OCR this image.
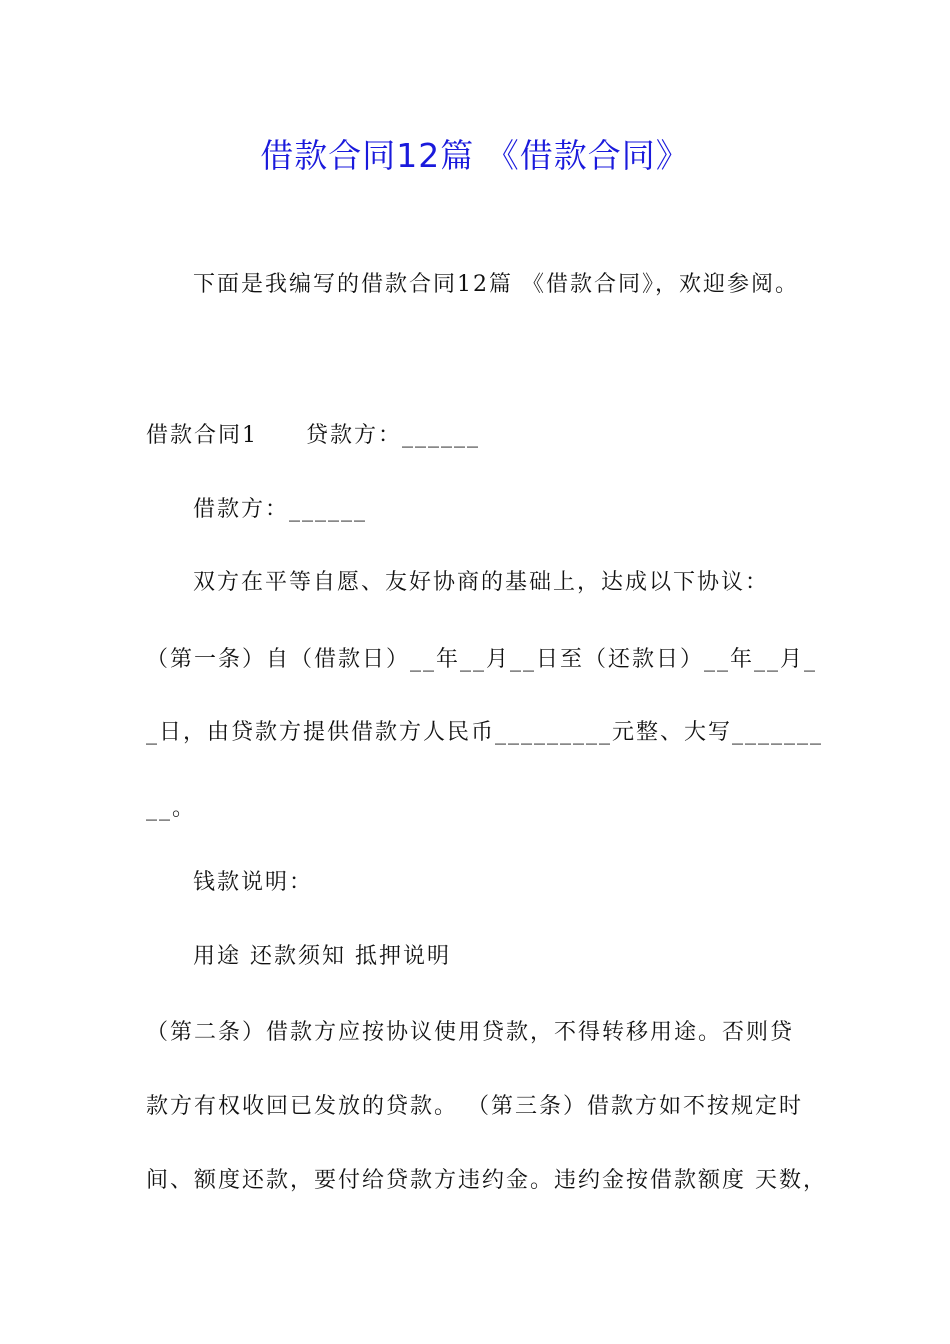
借款合同12篇 《借款合同》
下面是我编写的借款合同12篇 《借款合同》，欢迎参阅。
借款合同1 贷款方：______
借款方：______
双方在平等自愿、友好协商的基础上，达成以下协议：
（第一条）自（借款日）__年__月__日至（还款日）__年__月_
_日，由贷款方提供借款方人民币_________元整、大写_______
__。
钱款说明：
用途 还款须知 抵押说明
（第二条）借款方应按协议使用贷款，不得转移用途。否则贷
款方有权收回已发放的贷款。 （第三条）借款方如不按规定时
间、额度还款，要付给贷款方违约金。违约金按借款额度 天数，
